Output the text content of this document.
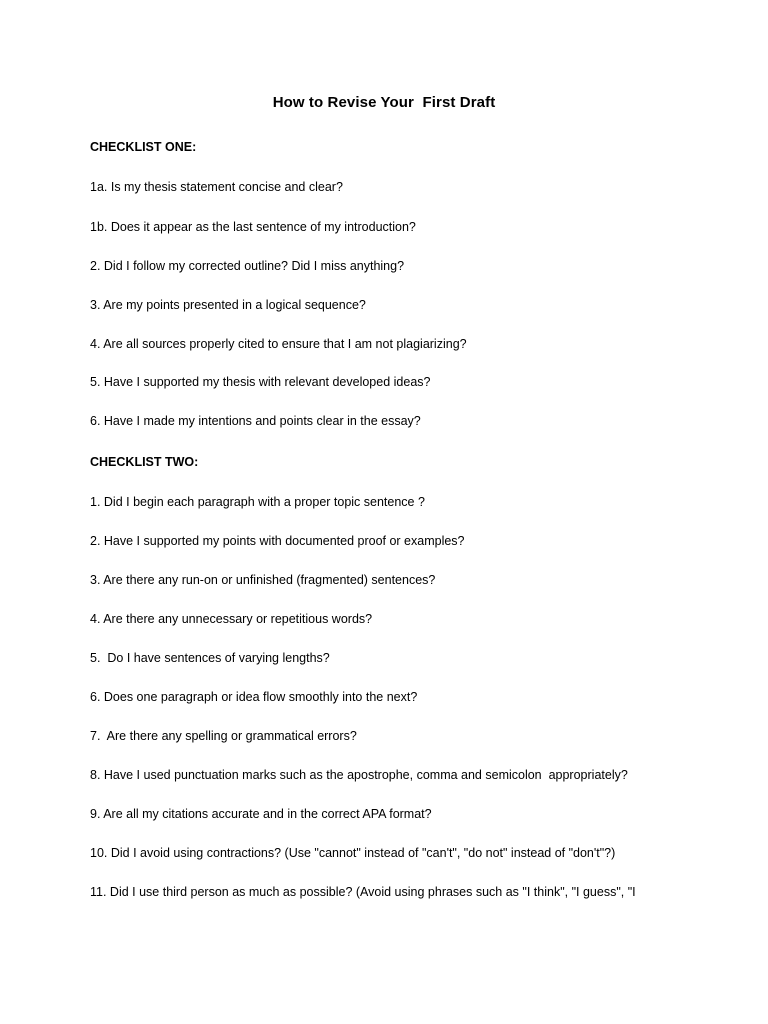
How to Revise Your  First Draft
CHECKLIST ONE:
1a. Is my thesis statement concise and clear?
1b. Does it appear as the last sentence of my introduction?
2. Did I follow my corrected outline? Did I miss anything?
3. Are my points presented in a logical sequence?
4. Are all sources properly cited to ensure that I am not plagiarizing?
5. Have I supported my thesis with relevant developed ideas?
6. Have I made my intentions and points clear in the essay?
CHECKLIST TWO:
1. Did I begin each paragraph with a proper topic sentence ?
2. Have I supported my points with documented proof or examples?
3. Are there any run-on or unfinished (fragmented) sentences?
4. Are there any unnecessary or repetitious words?
5.  Do I have sentences of varying lengths?
6. Does one paragraph or idea flow smoothly into the next?
7.  Are there any spelling or grammatical errors?
8. Have I used punctuation marks such as the apostrophe, comma and semicolon  appropriately?
9. Are all my citations accurate and in the correct APA format?
10. Did I avoid using contractions? (Use "cannot" instead of "can't", "do not" instead of "don't"?)
11. Did I use third person as much as possible? (Avoid using phrases such as "I think", "I guess", "I
